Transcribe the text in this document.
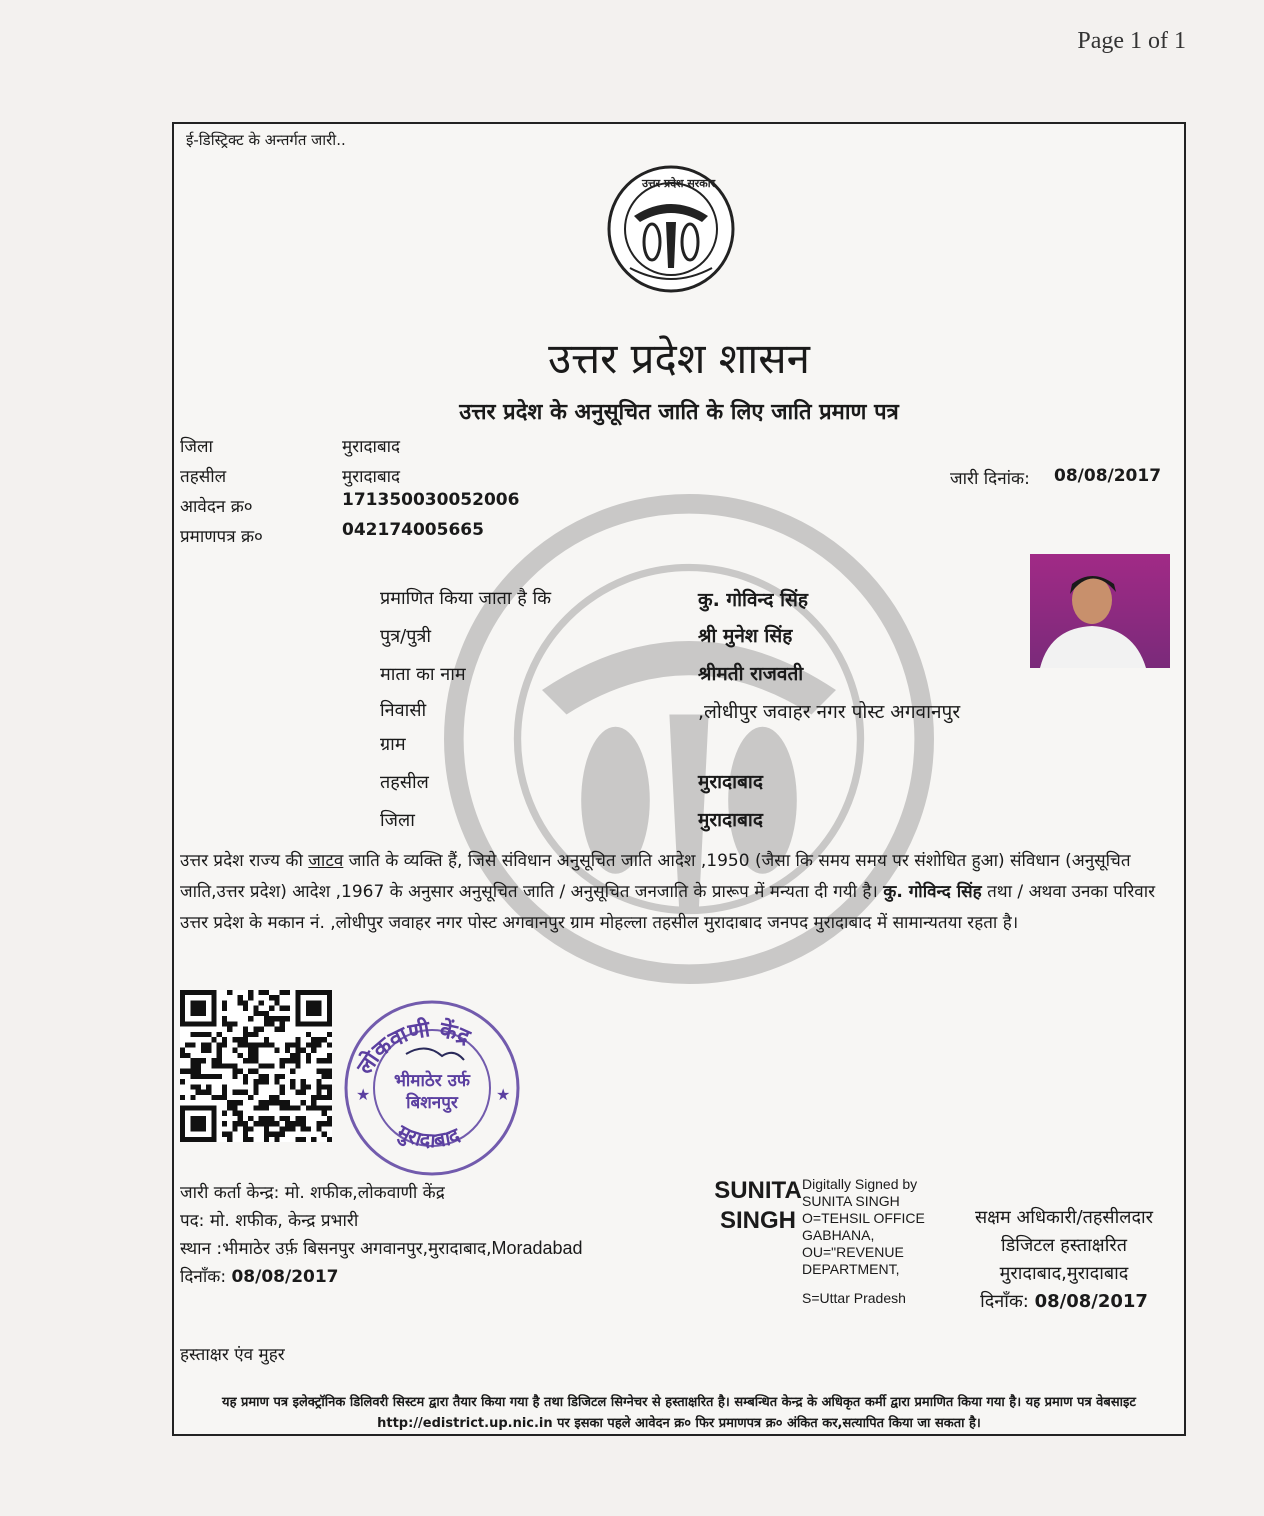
Page 1 of 1
ई-डिस्ट्रिक्ट के अन्तर्गत जारी..
उत्तर प्रदेश सरकार
उत्तर प्रदेश शासन
उत्तर प्रदेश के अनुसूचित जाति के लिए जाति प्रमाण पत्र
जिला	मुरादाबाद
तहसील	मुरादाबाद
आवेदन क्र०	171350030052006
प्रमाणपत्र क्र०	042174005665
जारी दिनांक: 08/08/2017
प्रमाणित किया जाता है कि	कु. गोविन्द सिंह
पुत्र/पुत्री	श्री मुनेश सिंह
माता का नाम	श्रीमती राजवती
निवासी	,लोधीपुर जवाहर नगर पोस्ट अगवानपुर
ग्राम
तहसील	मुरादाबाद
जिला	मुरादाबाद
उत्तर प्रदेश राज्य की जाटव जाति के व्यक्ति हैं, जिसे संविधान अनुसूचित जाति आदेश ,1950 (जैसा कि समय समय पर संशोधित हुआ) संविधान (अनुसूचित जाति,उत्तर प्रदेश) आदेश ,1967 के अनुसार अनुसूचित जाति / अनुसूचित जनजाति के प्रारूप में मन्यता दी गयी है। कु. गोविन्द सिंह तथा / अथवा उनका परिवार उत्तर प्रदेश के मकान नं. ,लोधीपुर जवाहर नगर पोस्ट अगवानपुर ग्राम मोहल्ला तहसील मुरादाबाद जनपद मुरादाबाद में सामान्यतया रहता है।
लोकवाणी केंद्र
भीमाठेर उर्फ
बिशनपुर
मुरादाबाद
★	★
जारी कर्ता केन्द्र: मो. शफीक,लोकवाणी केंद्र
पद: मो. शफीक, केन्द्र प्रभारी
स्थान :भीमाठेर उर्फ़ बिसनपुर अगवानपुर,मुरादाबाद,Moradabad
दिनाँक: 08/08/2017
SUNITA
SINGH
Digitally Signed by
SUNITA SINGH
O=TEHSIL OFFICE
GABHANA,
OU="REVENUE
DEPARTMENT,
S=Uttar Pradesh
सक्षम अधिकारी/तहसीलदार
डिजिटल हस्ताक्षरित
मुरादाबाद,मुरादाबाद
दिनाँक: 08/08/2017
हस्ताक्षर एंव मुहर
यह प्रमाण पत्र इलेक्ट्रॉनिक डिलिवरी सिस्टम द्वारा तैयार किया गया है तथा डिजिटल सिग्नेचर से हस्ताक्षरित है। सम्बन्धित केन्द्र के अधिकृत कर्मी द्वारा प्रमाणित किया गया है। यह प्रमाण पत्र वेबसाइट http://edistrict.up.nic.in पर इसका पहले आवेदन क्र० फिर प्रमाणपत्र क्र० अंकित कर,सत्यापित किया जा सकता है।
